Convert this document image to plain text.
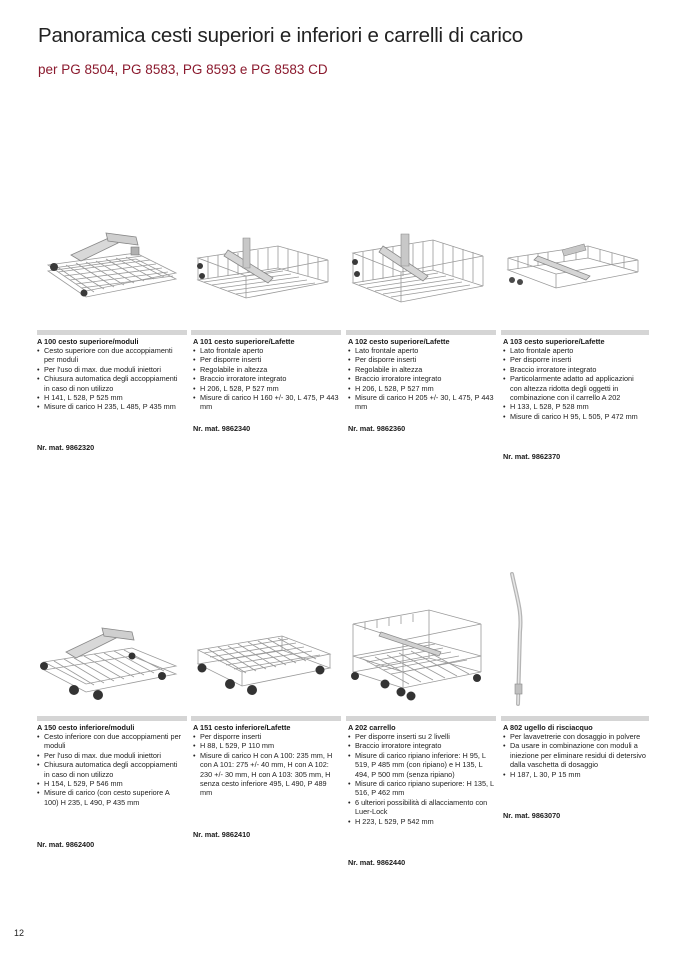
Panoramica cesti superiori e inferiori e carrelli di carico
per PG 8504, PG 8583, PG 8593 e PG 8583 CD
A 100 cesto superiore/moduli
• Cesto superiore con due accoppiamenti per moduli
• Per l'uso di max. due moduli iniettori
• Chiusura automatica degli accoppiamenti in caso di non utilizzo
• H 141, L 528, P 525 mm
• Misure di carico H 235, L 485, P 435 mm
Nr. mat. 9862320
A 101 cesto superiore/Lafette
• Lato frontale aperto
• Per disporre inserti
• Regolabile in altezza
• Braccio irroratore integrato
• H 206, L 528, P 527 mm
• Misure di carico H 160 +/- 30, L 475, P 443 mm
Nr. mat. 9862340
A 102 cesto superiore/Lafette
• Lato frontale aperto
• Per disporre inserti
• Regolabile in altezza
• Braccio irroratore integrato
• H 206, L 528, P 527 mm
• Misure di carico H 205 +/- 30, L 475, P 443 mm
Nr. mat. 9862360
A 103 cesto superiore/Lafette
• Lato frontale aperto
• Per disporre inserti
• Braccio irroratore integrato
• Particolarmente adatto ad applicazioni con altezza ridotta degli oggetti in combinazione con il carrello A 202
• H 133, L 528, P 528 mm
• Misure di carico H 95, L 505, P 472 mm
Nr. mat. 9862370
A 150 cesto inferiore/moduli
• Cesto inferiore con due accoppiamenti per moduli
• Per l'uso di max. due moduli iniettori
• Chiusura automatica degli accoppiamenti in caso di non utilizzo
• H 154, L 529, P 546 mm
• Misure di carico (con cesto superiore A 100) H 235, L 490, P 435 mm
Nr. mat. 9862400
A 151 cesto inferiore/Lafette
• Per disporre inserti
• H 88, L 529, P 110 mm
• Misure di carico H con A 100: 235 mm, H con A 101: 275 +/- 40 mm, H con A 102: 230 +/- 30 mm, H con A 103: 305 mm, H senza cesto inferiore 495, L 490, P 489 mm
Nr. mat. 9862410
A 202 carrello
• Per disporre inserti su 2 livelli
• Braccio irroratore integrato
• Misure di carico ripiano inferiore: H 95, L 519, P 485 mm (con ripiano) e H 135, L 494, P 500 mm (senza ripiano)
• Misure di carico ripiano superiore: H 135, L 516, P 462 mm
• 6 ulteriori possibilità di allacciamento con Luer-Lock
• H 223, L 529, P 542 mm
Nr. mat. 9862440
A 802 ugello di risciacquo
• Per lavavetrerie con dosaggio in polvere
• Da usare in combinazione con moduli a iniezione per eliminare residui di detersivo dalla vaschetta di dosaggio
• H 187, L 30, P 15 mm
Nr. mat. 9863070
12
